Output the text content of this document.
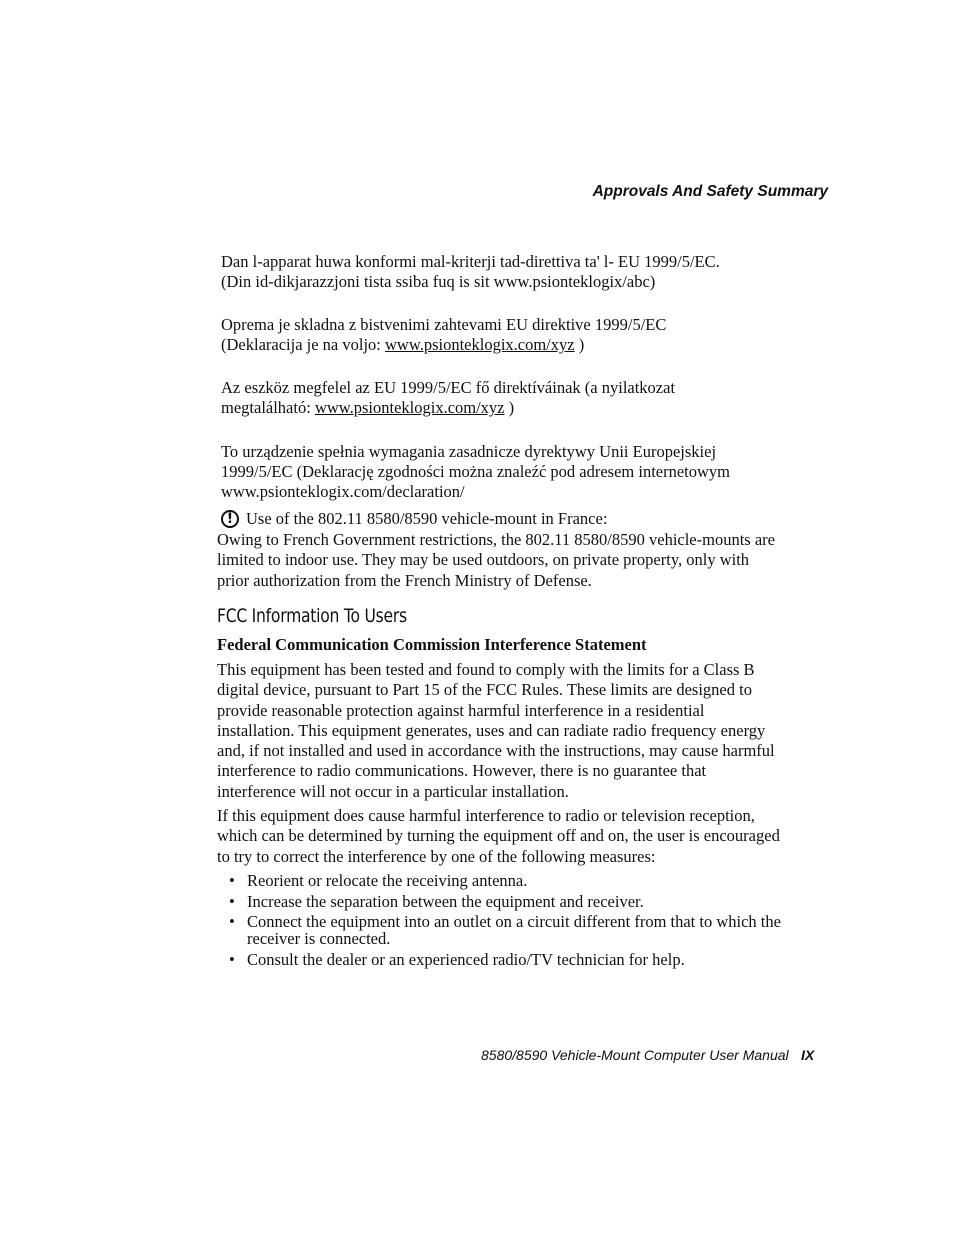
Approvals And Safety Summary
Dan l-apparat huwa konformi mal-kriterji tad-direttiva ta' l- EU 1999/5/EC.
(Din id-dikjarazzjoni tista ssiba fuq is sit www.psionteklogix/abc)
Oprema je skladna z bistvenimi zahtevami EU direktive 1999/5/EC
(Deklaracija je na voljo: www.psionteklogix.com/xyz )
Az eszköz megfelel az EU 1999/5/EC fő direktíváinak (a nyilatkozat
megtalálható: www.psionteklogix.com/xyz )
To urządzenie spełnia wymagania zasadnicze dyrektywy Unii Europejskiej
1999/5/EC (Deklarację zgodności można znaleźć pod adresem internetowym
www.psionteklogix.com/declaration/
! Use of the 802.11 8580/8590 vehicle-mount in France:
Owing to French Government restrictions, the 802.11 8580/8590 vehicle-mounts are limited to indoor use. They may be used outdoors, on private property, only with prior authorization from the French Ministry of Defense.
FCC Information To Users
Federal Communication Commission Interference Statement
This equipment has been tested and found to comply with the limits for a Class B digital device, pursuant to Part 15 of the FCC Rules. These limits are designed to provide reasonable protection against harmful interference in a residential installation. This equipment generates, uses and can radiate radio frequency energy and, if not installed and used in accordance with the instructions, may cause harmful interference to radio communications. However, there is no guarantee that interference will not occur in a particular installation.
If this equipment does cause harmful interference to radio or television reception, which can be determined by turning the equipment off and on, the user is encouraged to try to correct the interference by one of the following measures:
• Reorient or relocate the receiving antenna.
• Increase the separation between the equipment and receiver.
• Connect the equipment into an outlet on a circuit different from that to which the receiver is connected.
• Consult the dealer or an experienced radio/TV technician for help.
8580/8590 Vehicle-Mount Computer User Manual IX
